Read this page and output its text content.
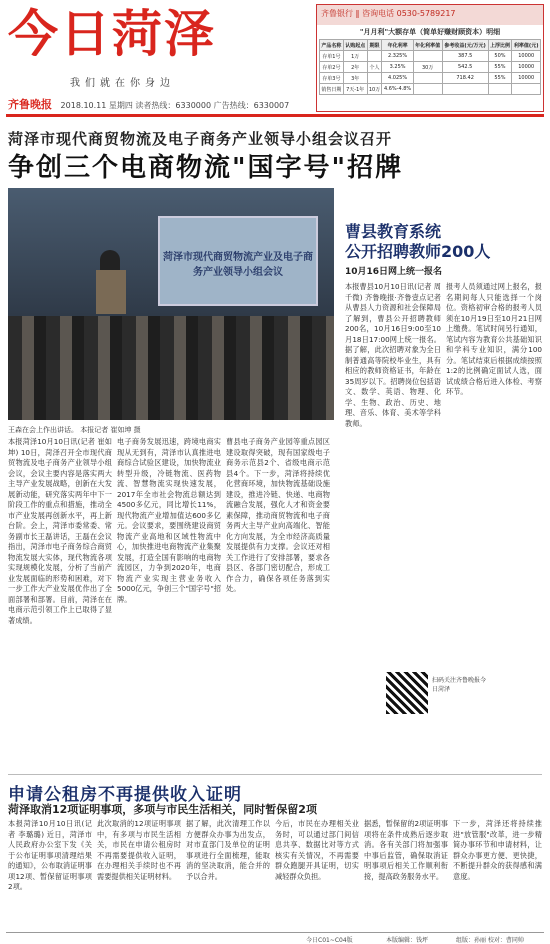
今日菏泽
我们就在你身边
齐鲁晚报 2018.10.11 星期四 读者热线：6330000 广告热线：6330007
齐鲁银行 ‖ 咨询电话 0530-5789217
"月月利"大额存单（简单好赚财顾资本）明细
产品名称	认购起点	期限	年化利率	年化利率值	参考收益(元/万元)	上浮比例	利率值(元)
存单1号	1万		2.325%		387.5	50%	10000
存单2号	2年	个人	3.25%	30万	542.5	55%	10000
存单3号	3年		4.025%		718.42	55%	10000
销售日期	7天-1年	10万	4.6%-4.8%				
菏泽市现代商贸物流及电子商务产业领导小组会议召开
争创三个电商物流"国字号"招牌
菏泽市现代商贸物流产业及电子商务产业领导小组会议
王森在会上作出讲话。 本报记者 崔如坤 摄
本报菏泽10月10日讯(记者 崔如坤) 10日，菏泽召开全市现代商贸物流及电子商务产业领导小组会议，会议主要内容是落实两大主导产业发展战略，创新在大发展新动能，研究落实两年中下一阶段工作的重点和措施，推动全市产业发展再创新水平，再上新台阶。会上，菏泽市委常委、常务副市长王磊讲话，王磊在会议指出，菏泽市电子商务综合商贸物流发展大实体，现代物流各项实现规模化发展，分析了当前产业发展面临的形势和困难，对下一步工作大产业发展优作出了全面部署和部署。目前，菏泽在在电商示范引领工作上已取得了显著成绩。
电子商务发展迅速，跨境电商实现从无到有，菏泽市认真推进电商综合试验区建设，加快物流业转型升级，冷链物流、医药物流、智慧物流实现快速发展，2017年全市社会物流总额达到4500多亿元，同比增长11%，现代物流产业增加值达600多亿元。会议要求，要围绕建设商贸物流产业高地和区域性物流中心，加快推进电商物流产业集聚发展，打造全国有影响的电商物流园区，力争到2020年，电商物流产业实现主营业务收入5000亿元，争创三个"国字号"招牌。
曹县电子商务产业园等重点园区建设取得突破，现有国家级电子商务示范县2个、省级电商示范县4个。下一步，菏泽将持续优化营商环境，加快物流基础设施建设，推进冷链、快递、电商物流融合发展，强化人才和资金要素保障，推动商贸物流和电子商务两大主导产业向高端化、智能化方向发展，为全市经济高质量发展提供有力支撑。会议还对相关工作进行了安排部署，要求各县区、各部门密切配合，形成工作合力，确保各项任务落到实处。
曹县教育系统
公开招聘教师200人
10月16日网上统一报名
本报曹县10月10日讯(记者 周千微) 齐鲁晚报·齐鲁壹点记者从曹县人力资源和社会保障局了解到，曹县公开招聘教师200名，10月16日9:00至10月18日17:00网上统一报名。据了解，此次招聘对象为全日制普通高等院校毕业生，具有相应的教师资格证书，年龄在35周岁以下。招聘岗位包括语文、数学、英语、物理、化学、生物、政治、历史、地理、音乐、体育、美术等学科教师。
报考人员须通过网上报名，报名期间每人只能选择一个岗位。资格初审合格的报考人员须在10月19日至10月21日网上缴费。笔试时间另行通知，笔试内容为教育公共基础知识和学科专业知识，满分100分。笔试结束后根据成绩按照1:2的比例确定面试人选，面试成绩合格后进入体检、考察环节。
扫码关注齐鲁晚报今日菏泽
申请公租房不再提供收入证明
菏泽取消12项证明事项，多项与市民生活相关，同时暂保留2项
本报菏泽10月10日讯(记者 李璐璐) 近日，菏泽市人民政府办公室下发《关于公布证明事项清理结果的通知》，公布取消证明事项12项、暂保留证明事项2项。
此次取消的12项证明事项中，有多项与市民生活相关，市民在申请公租房时不再需要提供收入证明，在办理相关手续时也不再需要提供相关证明材料。
据了解，此次清理工作以方便群众办事为出发点，对市直部门及单位的证明事项进行全面梳理，能取消的坚决取消，能合并的予以合并。
今后，市民在办理相关业务时，可以通过部门间信息共享、数据比对等方式核实有关情况，不再需要群众跑腿开具证明，切实减轻群众负担。
据悉，暂保留的2项证明事项将在条件成熟后逐步取消。各有关部门将加强事中事后监管，确保取消证明事项后相关工作顺利衔接，提高政务服务水平。
下一步，菏泽还将持续推进"放管服"改革，进一步精简办事环节和申请材料，让群众办事更方便、更快捷，不断提升群众的获得感和满意度。
今日C01~C04版	本版编辑：钱坪	组版：孙丽 校对：曹同帅
